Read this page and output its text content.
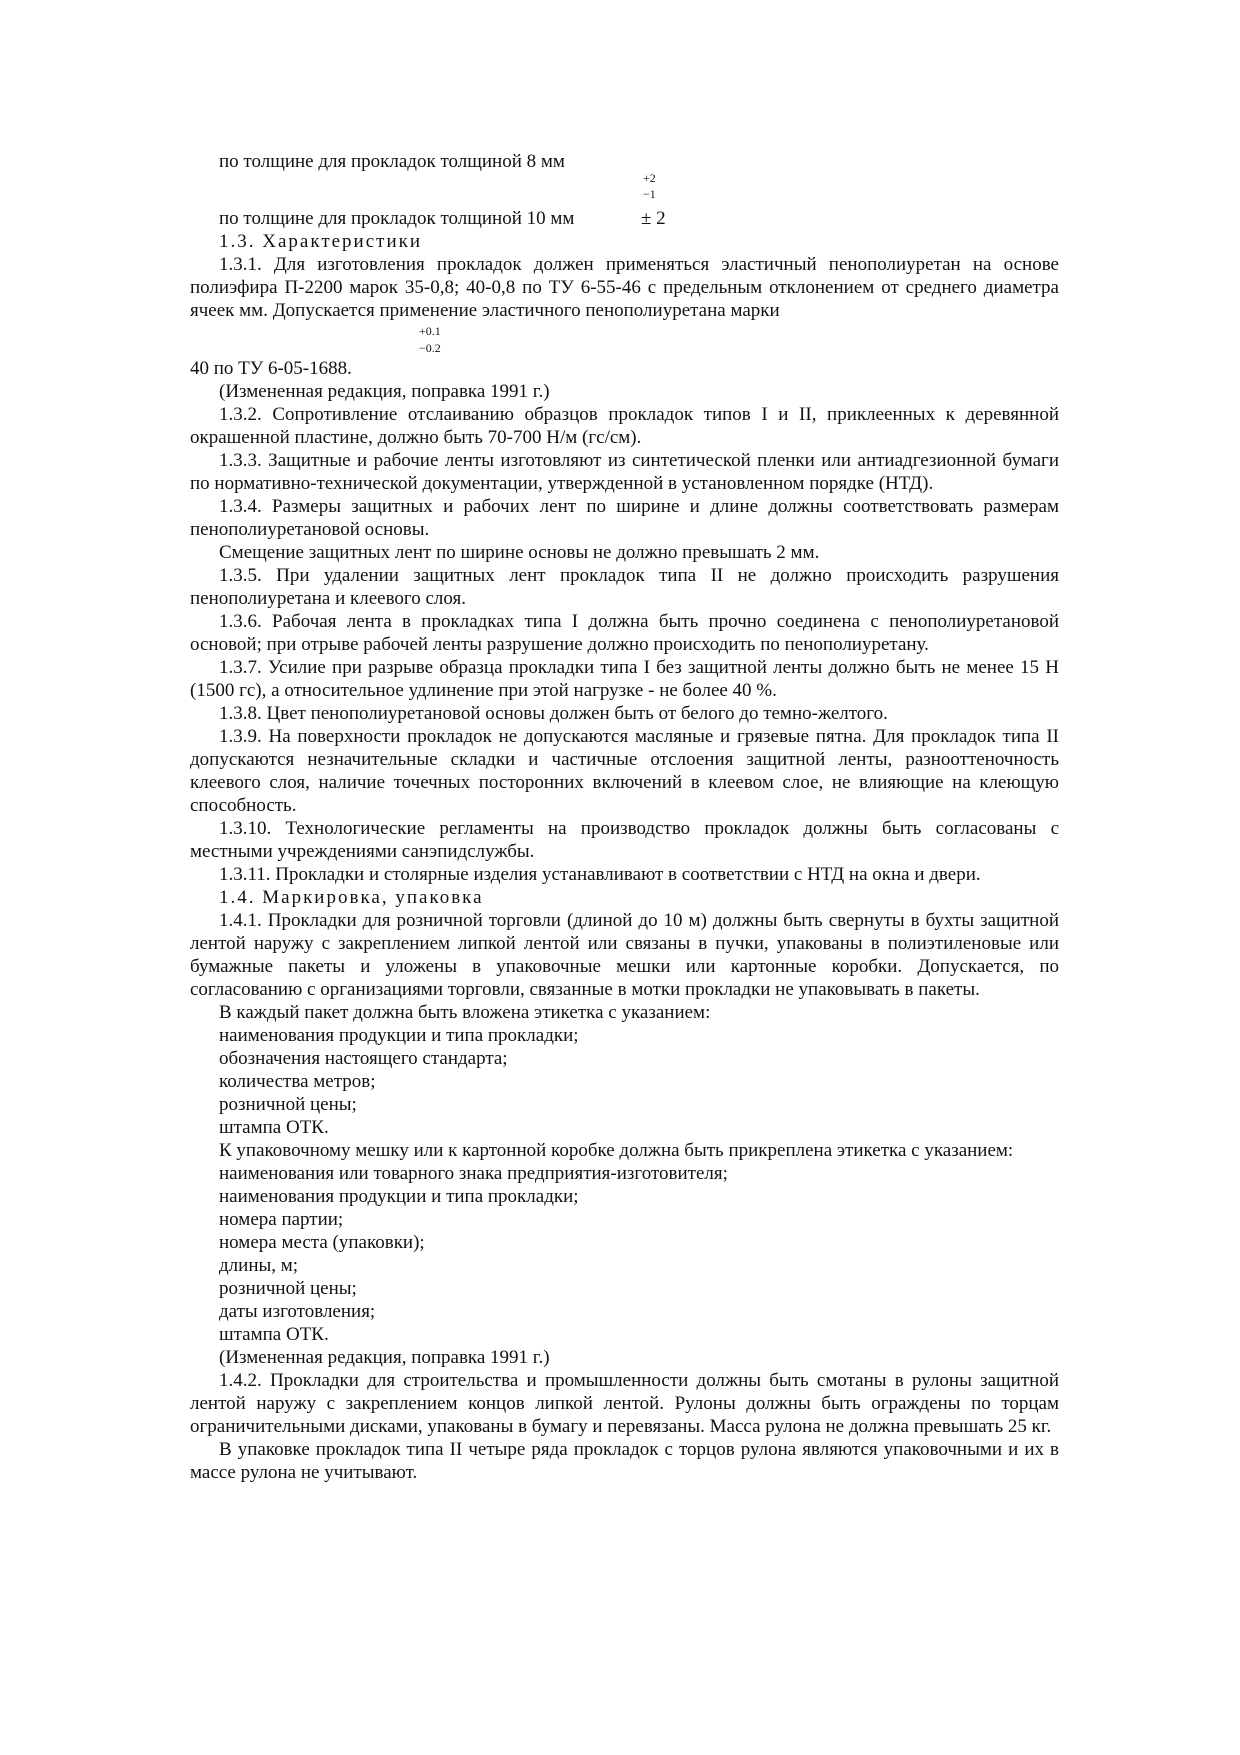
по толщине для прокладок толщиной 8 мм
+2
−1
по толщине для прокладок толщиной 10 мм	± 2

1.3. Характеристики

1.3.1. Для изготовления прокладок должен применяться эластичный пенополиуретан на основе полиэфира П-2200 марок 35-0,8; 40-0,8 по ТУ 6-55-46 с предельным отклонением от среднего диаметра ячеек мм. Допускается применение эластичного пенополиуретана марки

+0.1
−0.2

40 по ТУ 6-05-1688.

(Измененная редакция, поправка 1991 г.)

1.3.2. Сопротивление отслаиванию образцов прокладок типов I и II, приклеенных к деревянной окрашенной пластине, должно быть 70-700 Н/м (гс/см).

1.3.3. Защитные и рабочие ленты изготовляют из синтетической пленки или антиадгезионной бумаги по нормативно-технической документации, утвержденной в установленном порядке (НТД).

1.3.4. Размеры защитных и рабочих лент по ширине и длине должны соответствовать размерам пенополиуретановой основы.

Смещение защитных лент по ширине основы не должно превышать 2 мм.

1.3.5. При удалении защитных лент прокладок типа II не должно происходить разрушения пенополиуретана и клеевого слоя.

1.3.6. Рабочая лента в прокладках типа I должна быть прочно соединена с пенополиуретановой основой; при отрыве рабочей ленты разрушение должно происходить по пенополиуретану.

1.3.7. Усилие при разрыве образца прокладки типа I без защитной ленты должно быть не менее 15 Н (1500 гс), а относительное удлинение при этой нагрузке - не более 40 %.

1.3.8. Цвет пенополиуретановой основы должен быть от белого до темно-желтого.

1.3.9. На поверхности прокладок не допускаются масляные и грязевые пятна. Для прокладок типа II допускаются незначительные складки и частичные отслоения защитной ленты, разнооттеночность клеевого слоя, наличие точечных посторонних включений в клеевом слое, не влияющие на клеющую способность.

1.3.10. Технологические регламенты на производство прокладок должны быть согласованы с местными учреждениями санэпидслужбы.

1.3.11. Прокладки и столярные изделия устанавливают в соответствии с НТД на окна и двери.

1.4. Маркировка, упаковка

1.4.1. Прокладки для розничной торговли (длиной до 10 м) должны быть свернуты в бухты защитной лентой наружу с закреплением липкой лентой или связаны в пучки, упакованы в полиэтиленовые или бумажные пакеты и уложены в упаковочные мешки или картонные коробки. Допускается, по согласованию с организациями торговли, связанные в мотки прокладки не упаковывать в пакеты.

В каждый пакет должна быть вложена этикетка с указанием:

наименования продукции и типа прокладки;

обозначения настоящего стандарта;

количества метров;

розничной цены;

штампа ОТК.

К упаковочному мешку или к картонной коробке должна быть прикреплена этикетка с указанием:

наименования или товарного знака предприятия-изготовителя;

наименования продукции и типа прокладки;

номера партии;

номера места (упаковки);

длины, м;

розничной цены;

даты изготовления;

штампа ОТК.

(Измененная редакция, поправка 1991 г.)

1.4.2. Прокладки для строительства и промышленности должны быть смотаны в рулоны защитной лентой наружу с закреплением концов липкой лентой. Рулоны должны быть ограждены по торцам ограничительными дисками, упакованы в бумагу и перевязаны. Масса рулона не должна превышать 25 кг.

В упаковке прокладок типа II четыре ряда прокладок с торцов рулона являются упаковочными и их в массе рулона не учитывают.
